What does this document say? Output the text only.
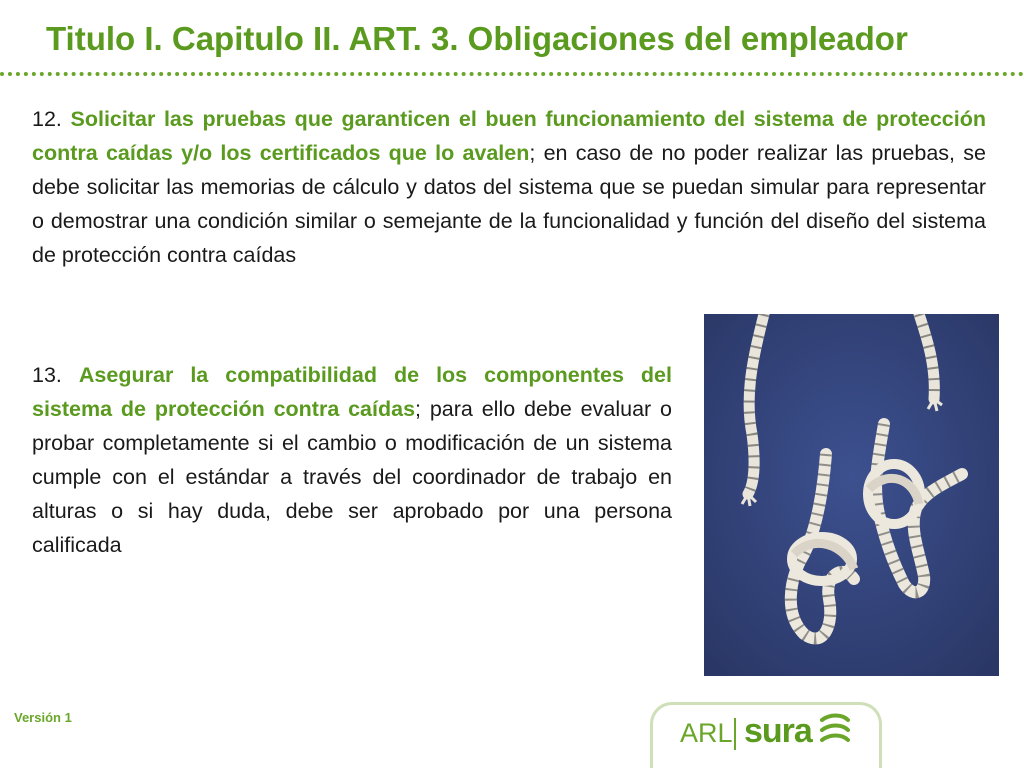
Titulo I. Capitulo II. ART. 3. Obligaciones del empleador

12. Solicitar las pruebas que garanticen el buen funcionamiento del sistema de protección contra caídas y/o los certificados que lo avalen; en caso de no poder realizar las pruebas, se debe solicitar las memorias de cálculo y datos del sistema que se puedan simular para representar o demostrar una condición similar o semejante de la funcionalidad y función del diseño del sistema de protección contra caídas

13. Asegurar la compatibilidad de los componentes del sistema de protección contra caídas; para ello debe evaluar o probar completamente si el cambio o modificación de un sistema cumple con el estándar a través del coordinador de trabajo en alturas o si hay duda, debe ser aprobado por una persona calificada

Versión 1
ARL sura
